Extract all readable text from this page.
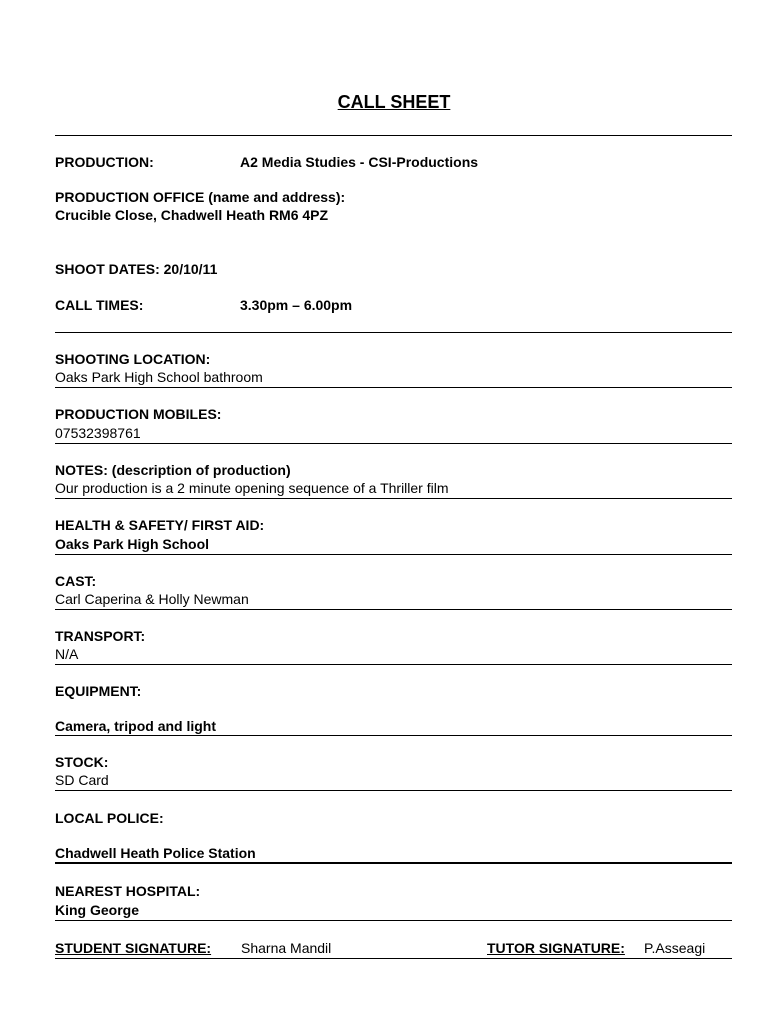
CALL SHEET
PRODUCTION:	A2 Media Studies - CSI-Productions
PRODUCTION OFFICE (name and address):
Crucible Close, Chadwell Heath RM6 4PZ
SHOOT DATES: 20/10/11
CALL TIMES:	3.30pm – 6.00pm
SHOOTING LOCATION:
Oaks Park High School bathroom
PRODUCTION MOBILES:
07532398761
NOTES: (description of production)
Our production is a 2 minute opening sequence of a Thriller film
HEALTH & SAFETY/ FIRST AID:
Oaks Park High School
CAST:
Carl Caperina & Holly Newman
TRANSPORT:
N/A
EQUIPMENT:
Camera, tripod and light
STOCK:
SD Card
LOCAL POLICE:
Chadwell Heath Police Station
NEAREST HOSPITAL:
King George
STUDENT SIGNATURE: Sharna Mandil	TUTOR SIGNATURE: P.Asseagi
